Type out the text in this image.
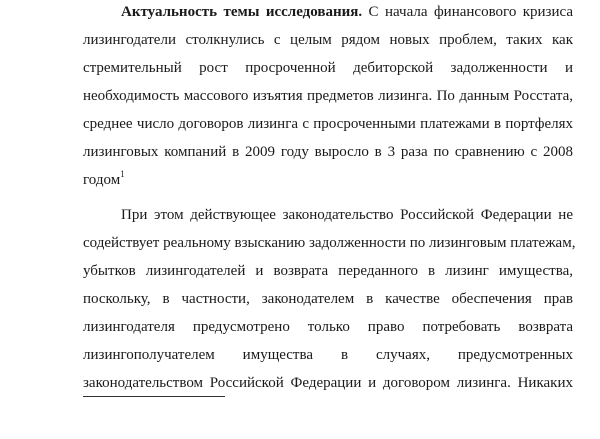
Актуальность темы исследования. С начала финансового кризиса
лизингодатели столкнулись с целым рядом новых проблем, таких как
стремительный рост просроченной дебиторской задолженности и
необходимость массового изъятия предметов лизинга. По данным Росстата,
среднее число договоров лизинга с просроченными платежами в портфелях
лизинговых компаний в 2009 году выросло в 3 раза по сравнению с 2008
годом$^1$
При этом действующее законодательство Российской Федерации не
содействует реальному взысканию задолженности по лизинговым платежам,
убытков лизингодателей и возврата переданного в лизинг имущества,
поскольку, в частности, законодателем в качестве обеспечения прав
лизингодателя предусмотрено только право потребовать возврата
лизингополучателем имущества в случаях, предусмотренных
законодательством Российской Федерации и договором лизинга. Никаких
